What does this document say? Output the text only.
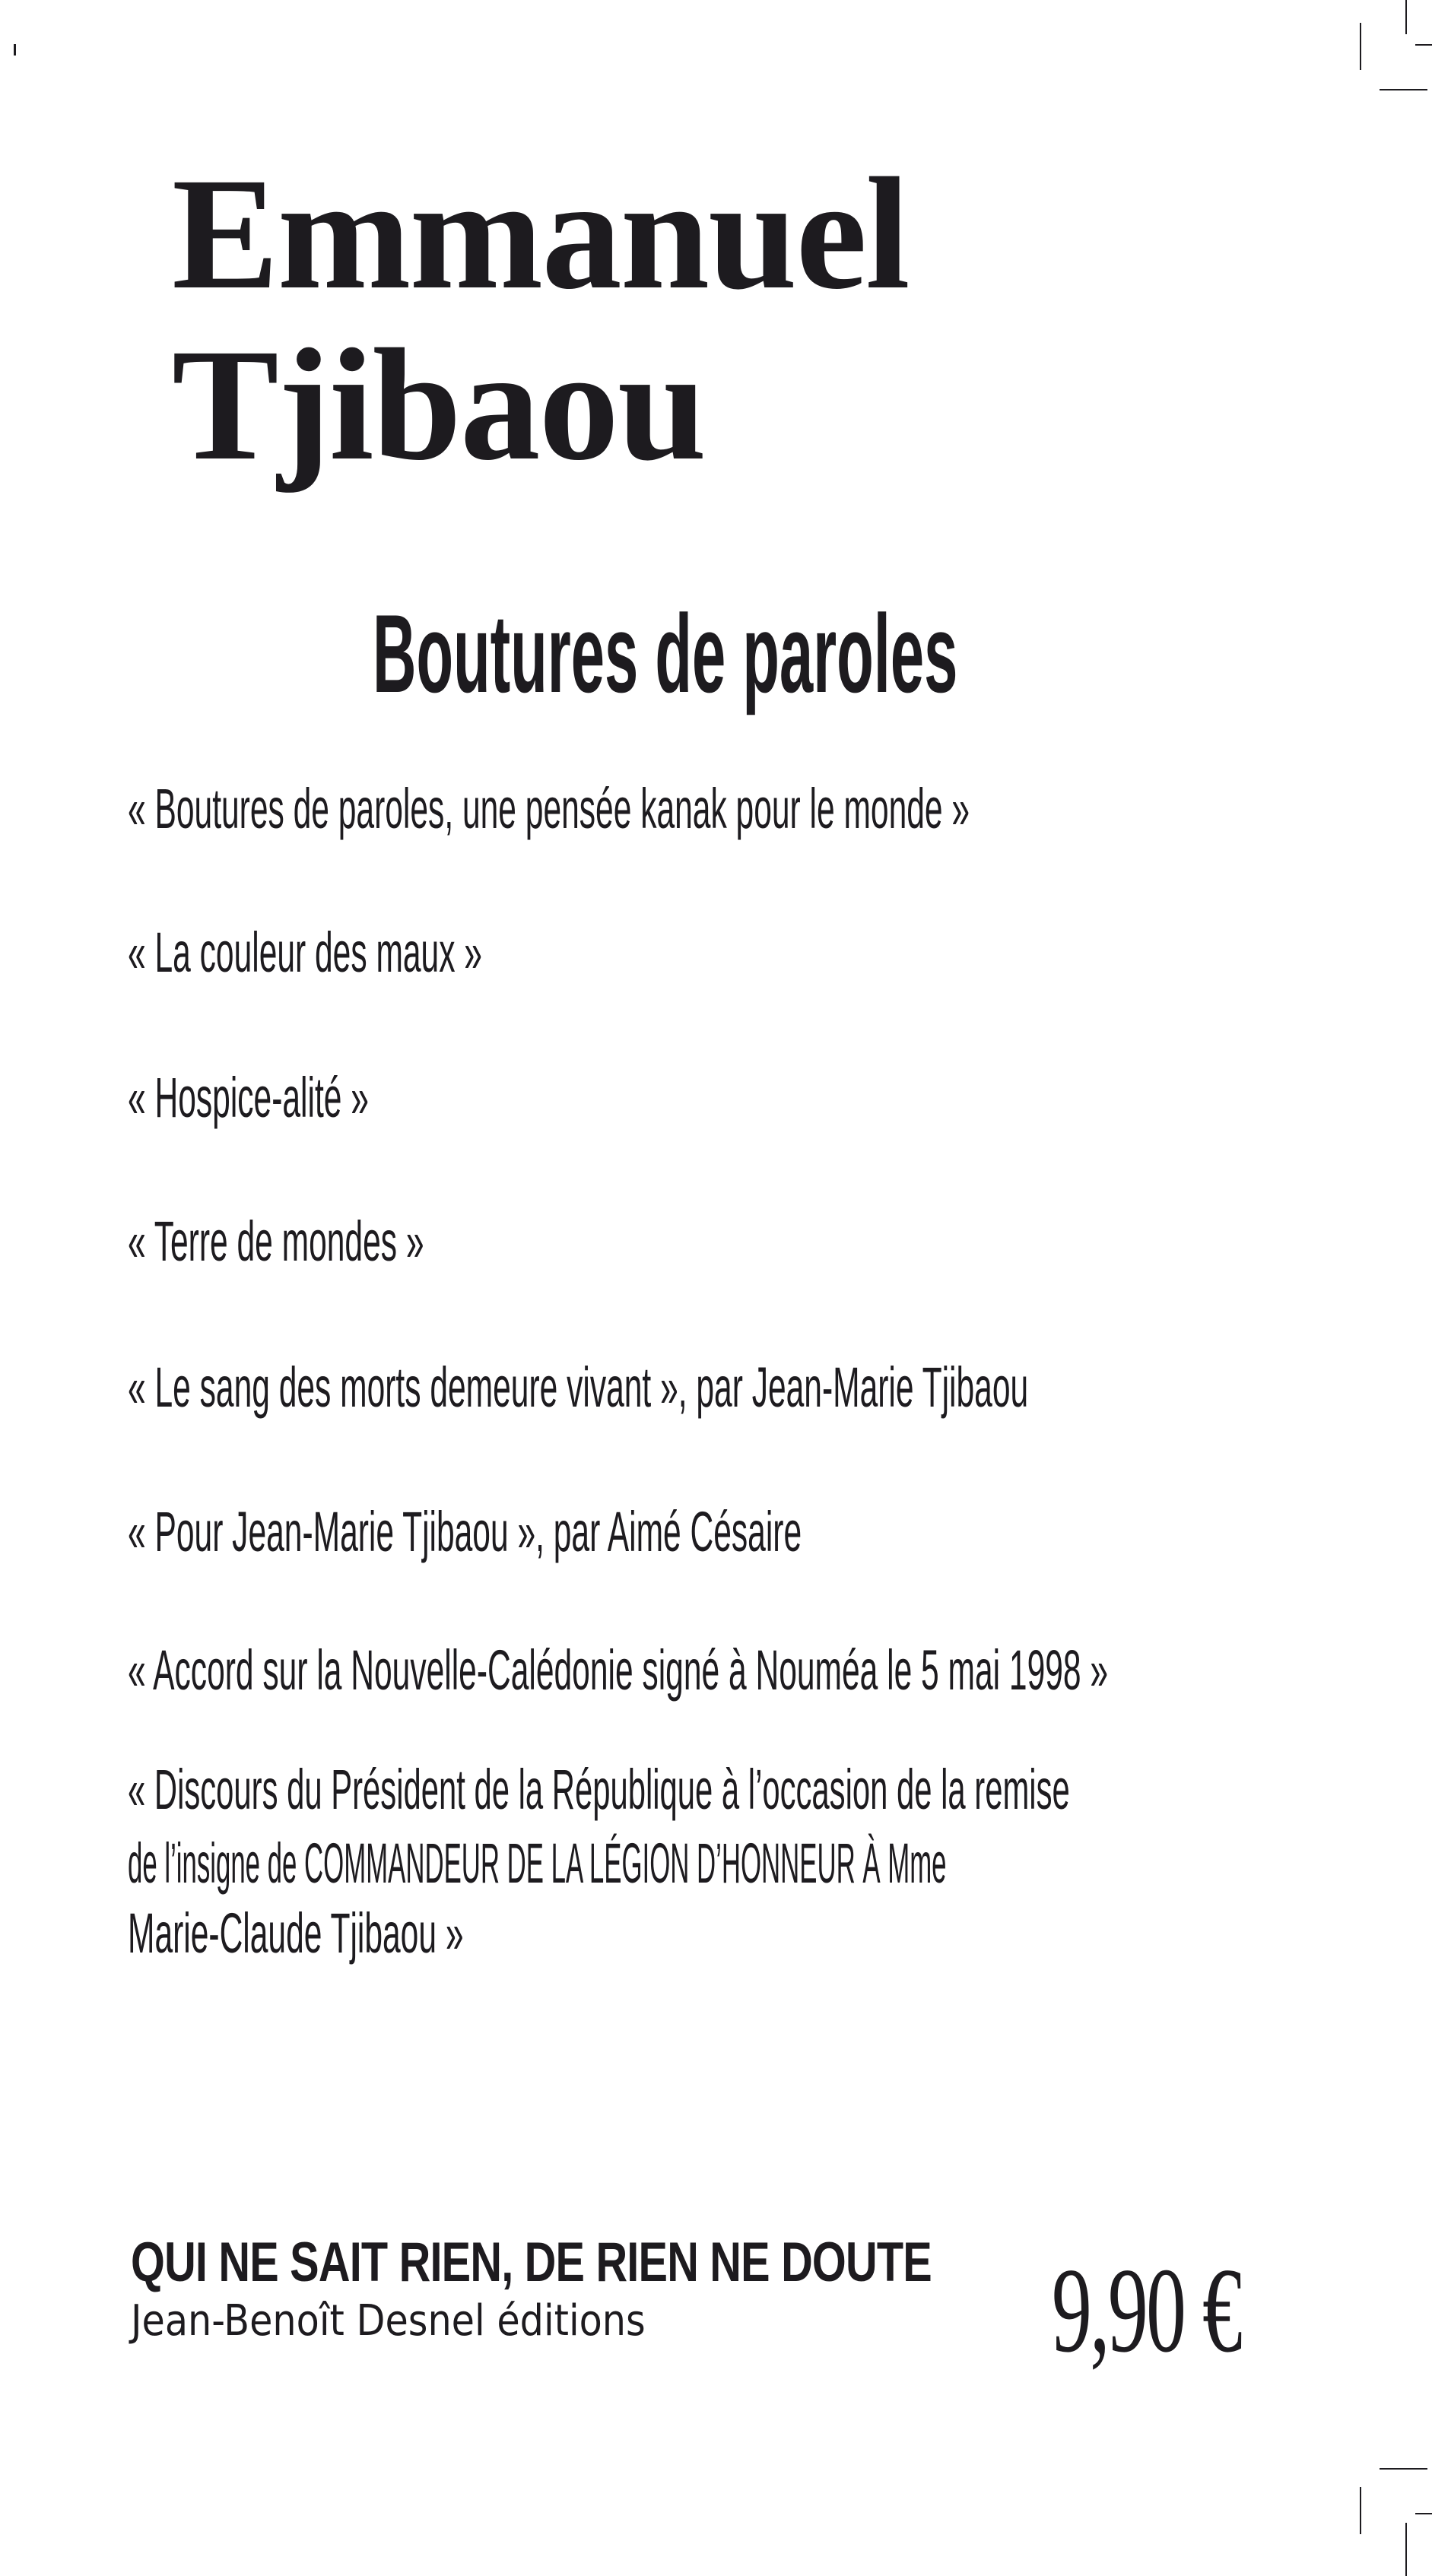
Emmanuel
Tjibaou
Boutures de paroles
« Boutures de paroles, une pensée kanak pour le monde »
« La couleur des maux »
« Hospice-alité »
« Terre de mondes »
« Le sang des morts demeure vivant », par Jean-Marie Tjibaou
« Pour Jean-Marie Tjibaou », par Aimé Césaire
« Accord sur la Nouvelle-Calédonie signé à Nouméa le 5 mai 1998 »
« Discours du Président de la République à l’occasion de la remise
de l’insigne de COMMANDEUR DE LA LÉGION D’HONNEUR À Mme
Marie-Claude Tjibaou »
QUI NE SAIT RIEN, DE RIEN NE DOUTE
Jean-Benoît Desnel éditions	9,90 €
